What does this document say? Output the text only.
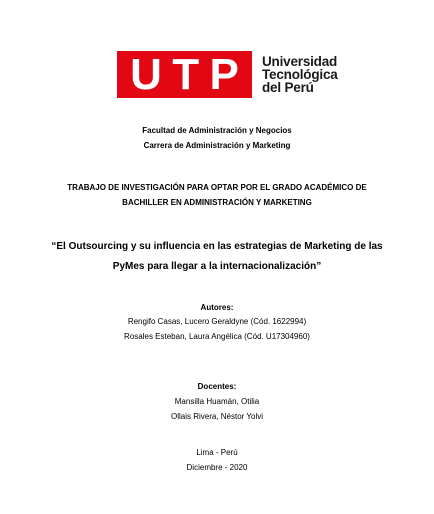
U T P Universidad
Tecnológica
del Perú
Facultad de Administración y Negocios
Carrera de Administración y Marketing
TRABAJO DE INVESTIGACIÓN PARA OPTAR POR EL GRADO ACADÉMICO DE
BACHILLER EN ADMINISTRACIÓN Y MARKETING
“El Outsourcing y su influencia en las estrategias de Marketing de las
PyMes para llegar a la internacionalización”
Autores:
Rengifo Casas, Lucero Geraldyne (Cód. 1622994)
Rosales Esteban, Laura Angélica (Cód. U17304960)
Docentes:
Mansilla Huamán, Otilia
Ollais Rivera, Néstor Yolvi
Lima - Perú
Diciembre - 2020
